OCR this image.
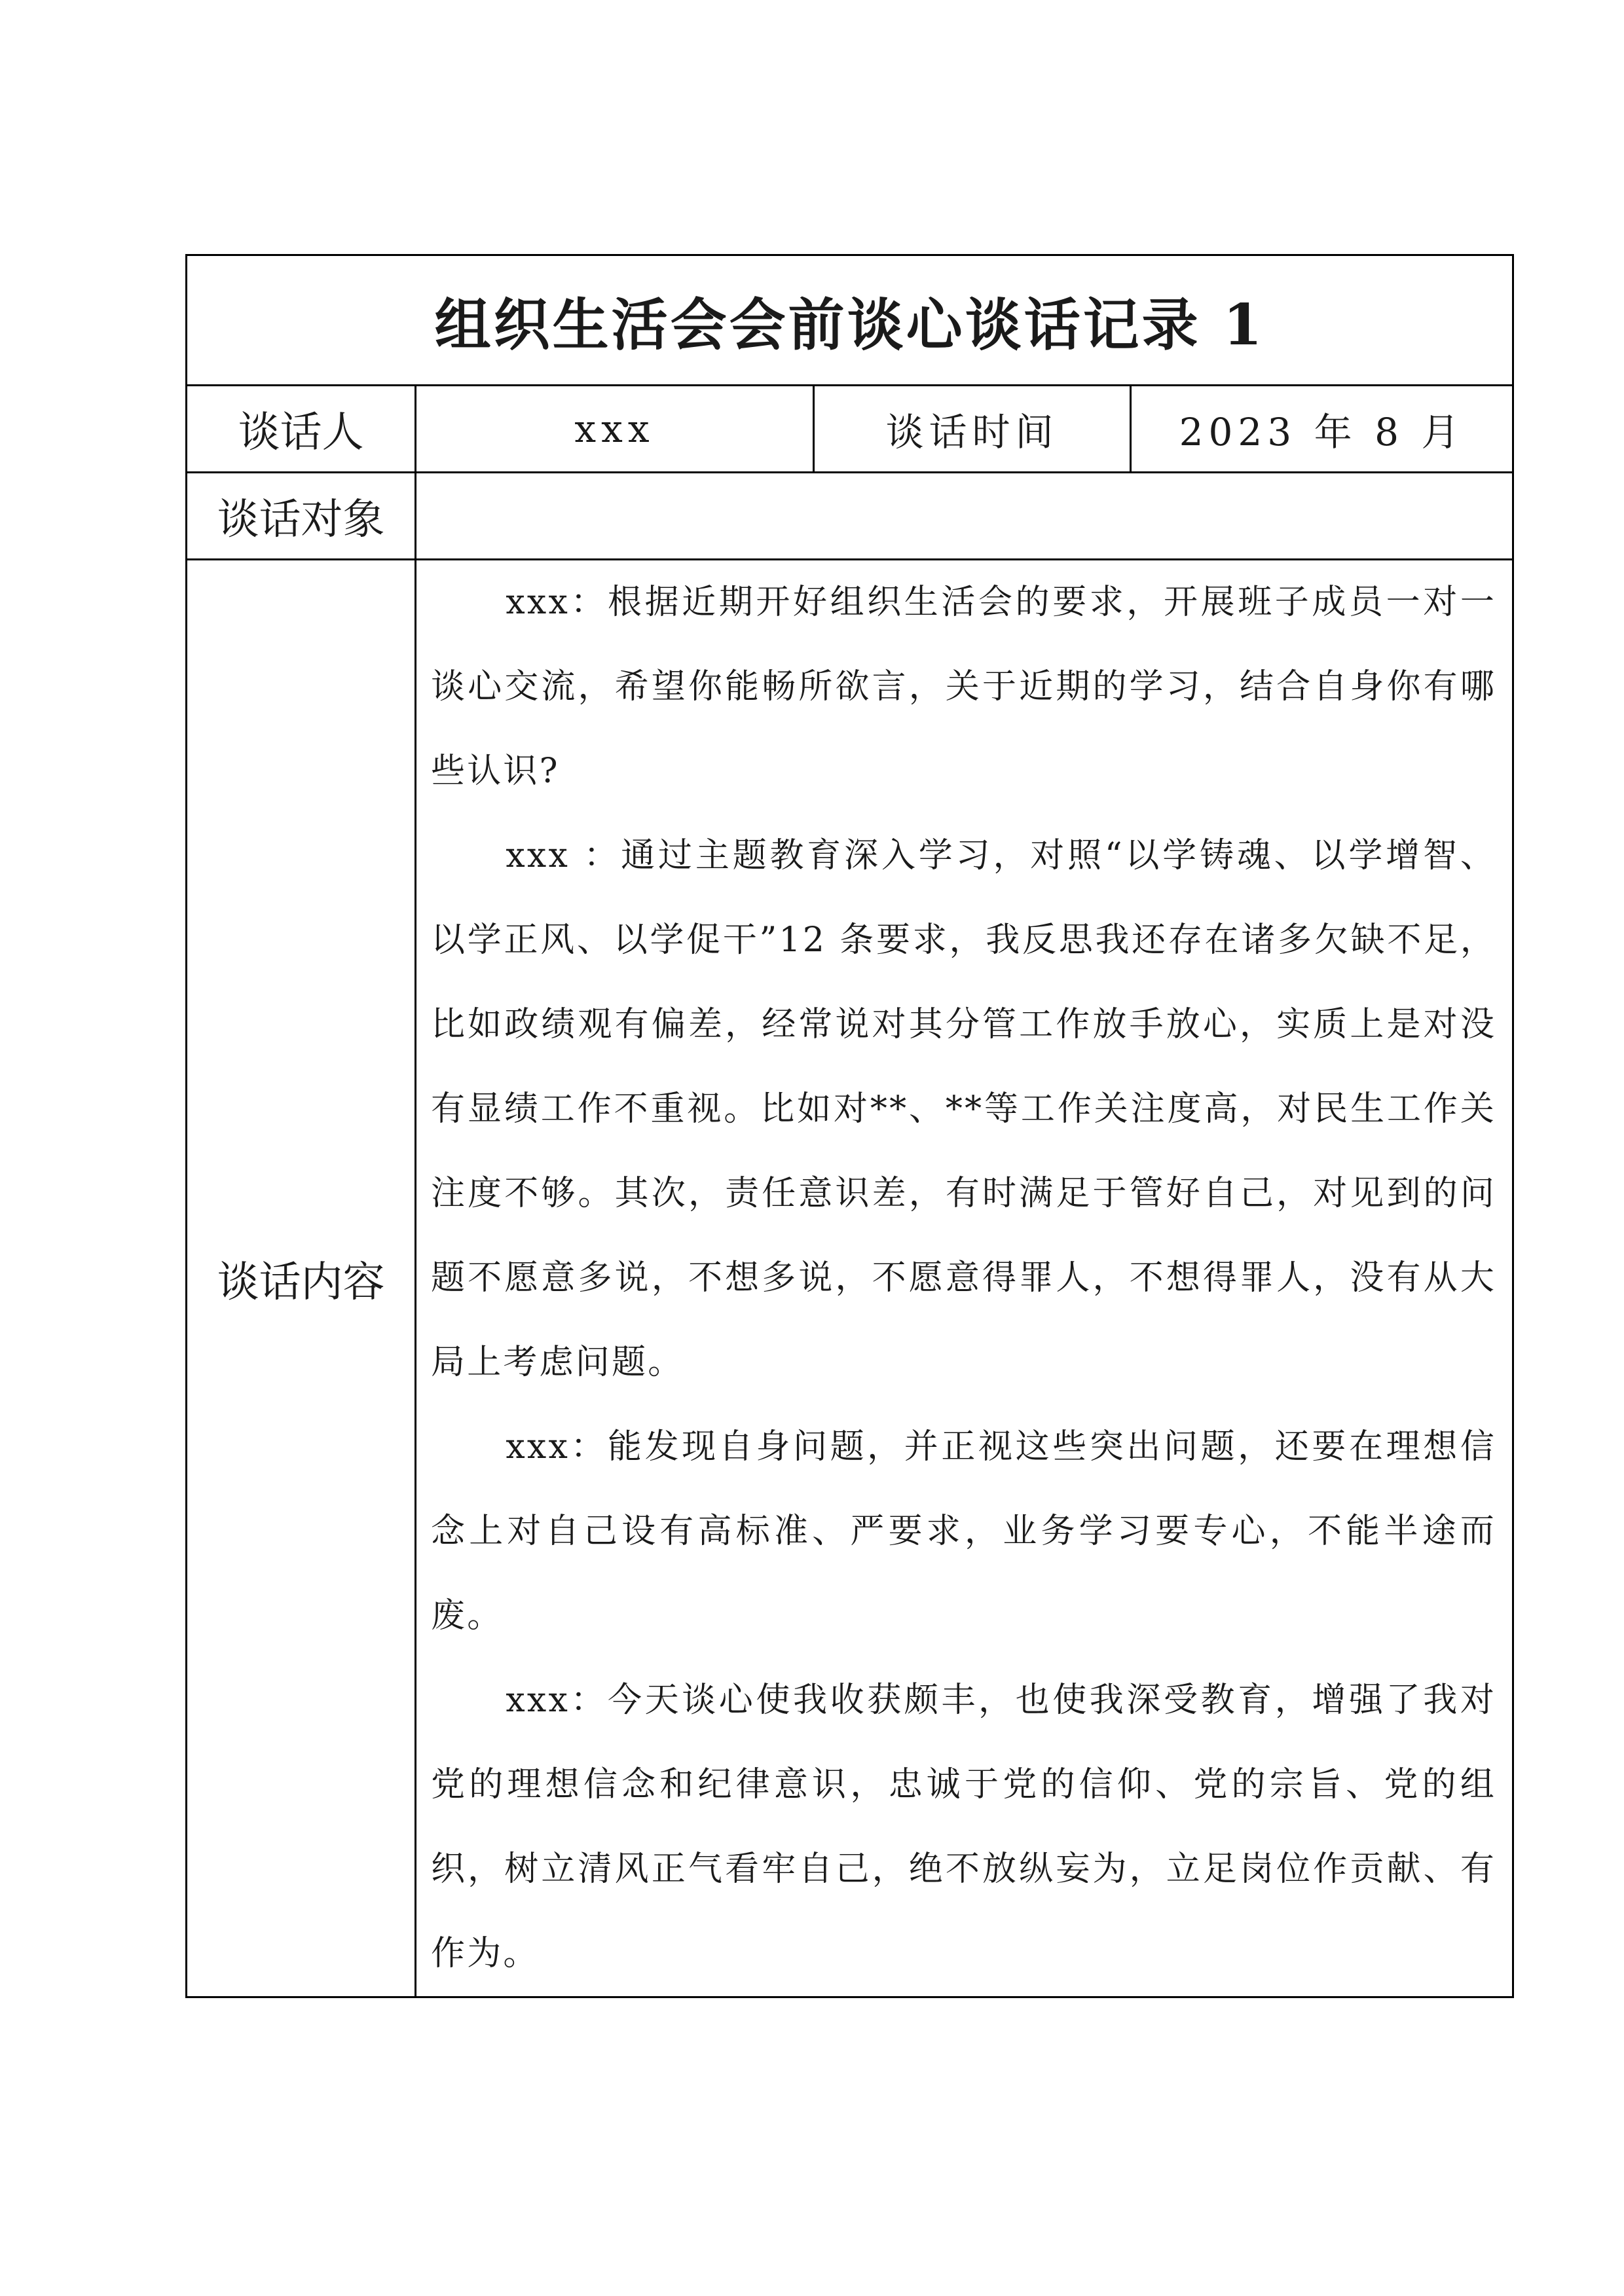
组织生活会会前谈心谈话记录 1			
谈话人	xxx	谈话时间	2023 年 8 月
谈话对象			
谈话内容	xxx：根据近期开好组织生活会的要求，开展班子成员一对一谈心交流，希望你能畅所欲言，关于近期的学习，结合自身你有哪些认识?

xxx ：通过主题教育深入学习，对照“以学铸魂、以学增智、以学正风、以学促干”12 条要求，我反思我还存在诸多欠缺不足，比如政绩观有偏差，经常说对其分管工作放手放心，实质上是对没有显绩工作不重视。比如对**、**等工作关注度高，对民生工作关注度不够。其次，责任意识差，有时满足于管好自己，对见到的问题不愿意多说，不想多说，不愿意得罪人，不想得罪人，没有从大局上考虑问题。

xxx：能发现自身问题，并正视这些突出问题，还要在理想信念上对自己设有高标准、严要求，业务学习要专心，不能半途而废。

xxx：今天谈心使我收获颇丰，也使我深受教育，增强了我对党的理想信念和纪律意识，忠诚于党的信仰、党的宗旨、党的组织，树立清风正气看牢自己，绝不放纵妄为，立足岗位作贡献、有作为。		
